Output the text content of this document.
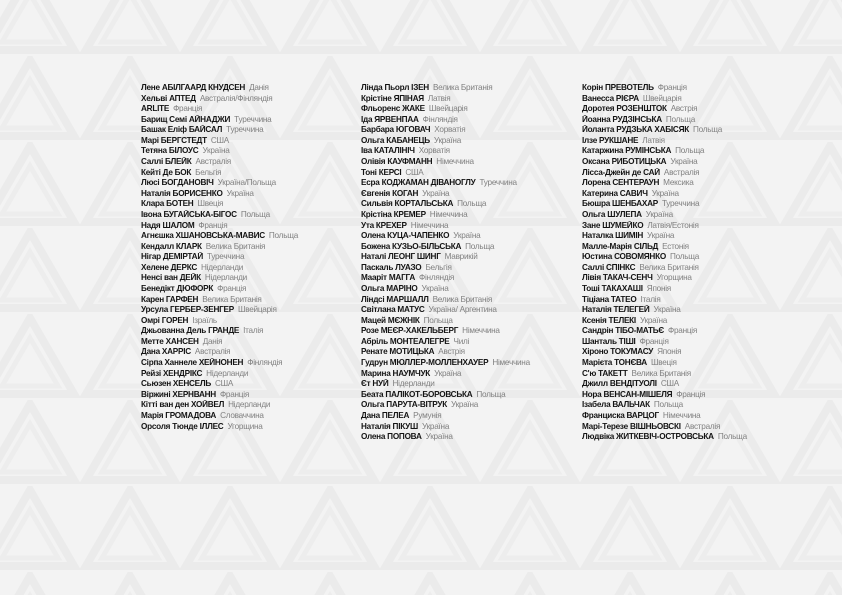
Лене АБІЛГААРД КНУДСЕН Данія
Хельві АПТЕД Австралія/Фінляндія
ARLITE Франція
Барищ Семі АЙНАДЖИ Туреччина
Башак Еліф БАЙСАЛ Туреччина
Марі БЕРГСТЕДТ США
Тетяна БІЛОУС Україна
Саллі БЛЕЙК Австралія
Кейті Де БОК Бельгія
Люсі БОГДАНОВІЧ Україна/Польща
Наталія БОРИСЕНКО Україна
Клара БОТЕН Швеція
Івона БУГАЙСЬКА-БІГОС Польща
Надя ШАЛОМ Франція
Агнєшка ХШАНОВСЬКА-МАВИС Польща
Кендалл КЛАРК Велика Британія
Нігар ДЕМІРТАЙ Туреччина
Хелене ДЕРКС Нідерланди
Ненсі ван ДЕЙК Нідерланди
Бенедікт ДЮФОРК Франція
Карен ГАРФЕН Велика Британія
Урсула ГЕРБЕР-ЗЕНГЕР Швейцарія
Омрі ГОРЕН Ізраїль
Джьованна Дель ГРАНДЕ Італія
Метте ХАНСЕН Данія
Дана ХАРРІС Австралія
Сірпа Ханнеле ХЕЙНОНЕН Фінляндія
Рейзі ХЕНДРІКС Нідерланди
Сьюзен ХЕНСЕЛЬ США
Віржині ХЕРНВАНН Франція
Кітті ван ден ХОЙВЕЛ Нідерланди
Марія ГРОМАДОВА Словаччина
Орсоля Тюнде ІЛЛЕС Угорщина
Лінда Пьорл ІЗЕН Велика Британія
Крістіне ЯПІНАЯ Латвія
Фльоренс ЖАКЕ Швейцарія
Іда ЯРВЕНПАА Фінляндія
Барбара ЮГОВАЧ Хорватія
Ольга КАБАНЕЦЬ Україна
Іва КАТАЛІНІЧ Хорватія
Олівія КАУФМАНН Німеччина
Тоні КЕРСІ США
Есра КОДЖАМАН ДІВАНОГЛУ Туреччина
Євгенія КОГАН Україна
Сильвія КОРТАЛЬСЬКА Польща
Крістіна КРЕМЕР Німеччина
Ута КРЕХЕР Німеччина
Олена КУЦА-ЧАПЕНКО Україна
Божена КУЗЬО-БІЛЬСЬКА Польща
Наталі ЛЕОНГ ШИНГ Маврикій
Паскаль ЛУАЗО Бельгія
Мааріт МАГГА Фінляндія
Ольга МАРІНО Україна
Ліндсі МАРШАЛЛ Велика Британія
Світлана МАТУС Україна/ Аргентина
Мацей МЄЖНІК Польща
Розе МЕЄР-ХАКЕЛЬБЕРГ Німеччина
Абріль МОНТЕАЛЕГРЕ Чилі
Ренате МОТИЦЬКА Австрія
Гудрун МЮЛЛЕР-МОЛЛЕНХАУЕР Німеччина
Марина НАУМЧУК Україна
Єт НУЙ Нідерланди
Беата ПАЛІКОТ-БОРОВСЬКА Польща
Ольга ПАРУТА-ВІТРУК Україна
Дана ПЕЛЕА Румунія
Наталія ПІКУШ Україна
Олена ПОПОВА Україна
Корін ПРЕВОТЕЛЬ Франція
Ванесса РІЄРА Швейцарія
Доротея РОЗЕНШТОК Австрія
Йоанна РУДЗІНСЬКА Польща
Йоланта РУДЗЬКА ХАБІСЯК Польща
Ілзе РУКШАНЕ Латвія
Катаржина РУМІНСЬКА Польща
Оксана РИБОТИЦЬКА Україна
Лісса-Джейн де САЙ Австралія
Лорена СЕНТЕРАУН Мексика
Катерина САВИЧ Україна
Бюшра ШЕНБАХАР Туреччина
Ольга ШУЛЕПА Україна
Зане ШУМЕЙКО Латвія/Естонія
Наталка ШИМІН Україна
Малле-Марія СІЛЬД Естонія
Юстина СОВОМЯНКО Польща
Саллі СПІНКС Велика Британія
Лівія ТАКАЧ-СЕНЧ Угорщина
Тоші ТАКАХАШІ Японія
Тіціана ТАТЕО Італія
Наталія ТЕЛЕГЕЙ Україна
Ксенія ТЕЛЕКІ Україна
Сандрін ТІБО-МАТЬЄ Франція
Шанталь ТІШІ Франція
Хіроно ТОКУМАСУ Японія
Марієта ТОНЄВА Швеція
С'ю ТАКЕТТ Велика Британія
Джилл ВЕНДІТУОЛІ США
Нора ВЕНСАН-МІШЕЛЯ Франція
Ізабела ВАЛЬЧАК Польща
Франциска ВАРЦОГ Німеччина
Марі-Терезе ВІШНЬОВСКІ Австралія
Людвіка ЖИТКЕВІЧ-ОСТРОВСЬКА Польща
